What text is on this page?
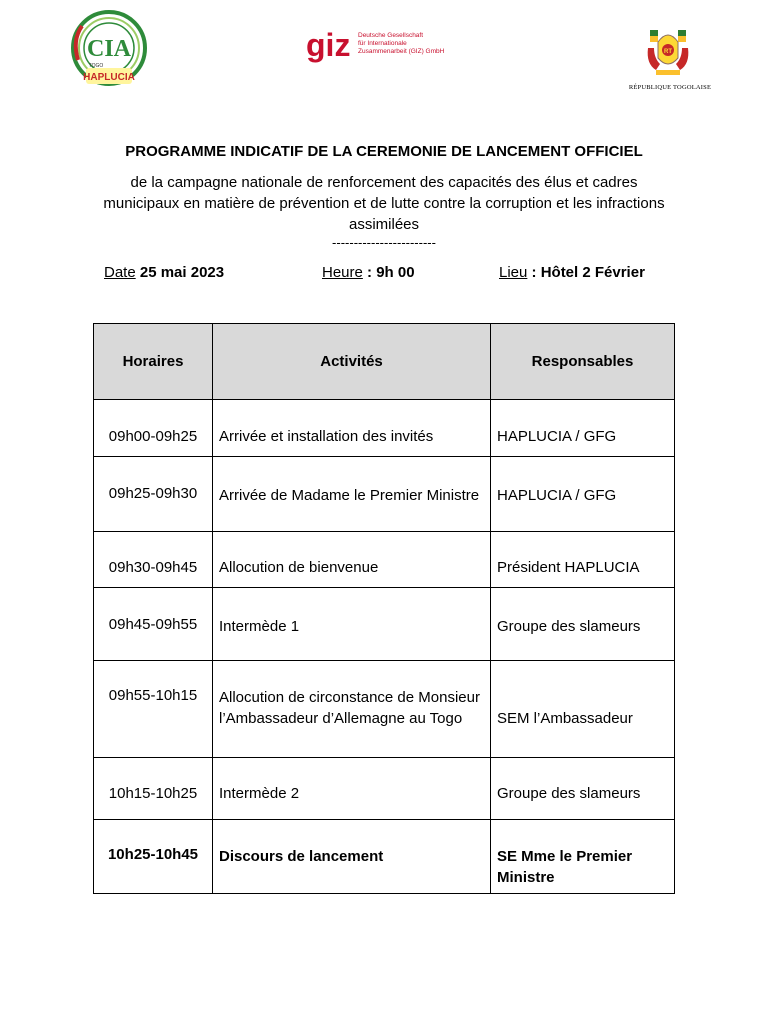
CIA
HAPLUCIA
TOGO
giz Deutsche Gesellschaft
für Internationale
Zusammenarbeit (GIZ) GmbH	RT
RÉPUBLIQUE TOGOLAISE
PROGRAMME INDICATIF DE LA CEREMONIE DE LANCEMENT OFFICIEL
de la campagne nationale de renforcement des capacités des élus et cadres municipaux en matière de prévention et de lutte contre la corruption et les infractions assimilées
------------------------
Date 25 mai 2023	Heure : 9h 00	Lieu : Hôtel 2 Février
Horaires	Activités	Responsables
09h00-09h25	Arrivée et installation des invités	HAPLUCIA / GFG
09h25-09h30	Arrivée de Madame le Premier Ministre	HAPLUCIA / GFG
09h30-09h45	Allocution de bienvenue	Président HAPLUCIA
09h45-09h55	Intermède 1	Groupe des slameurs
09h55-10h15	Allocution de circonstance de Monsieur l’Ambassadeur d’Allemagne au Togo	SEM l’Ambassadeur
10h15-10h25	Intermède 2	Groupe des slameurs
10h25-10h45	Discours de lancement	SE Mme le Premier Ministre
